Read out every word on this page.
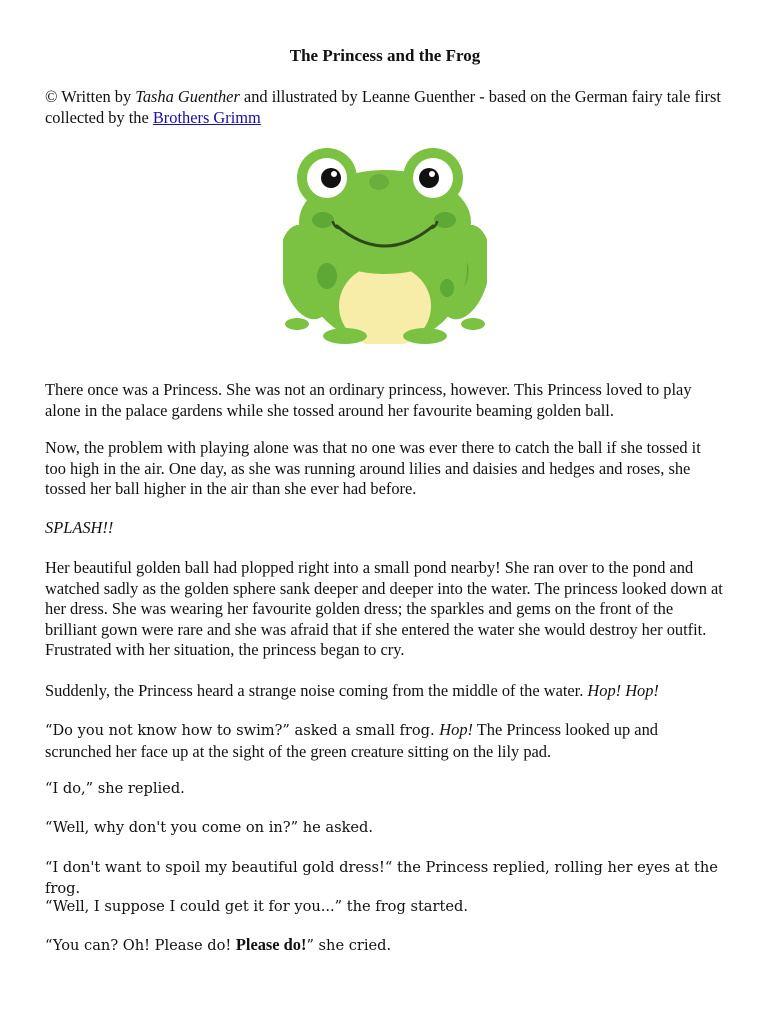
The Princess and the Frog

© Written by Tasha Guenther and illustrated by Leanne Guenther - based on the German fairy tale first collected by the Brothers Grimm

There once was a Princess. She was not an ordinary princess, however. This Princess loved to play alone in the palace gardens while she tossed around her favourite beaming golden ball.

Now, the problem with playing alone was that no one was ever there to catch the ball if she tossed it too high in the air. One day, as she was running around lilies and daisies and hedges and roses, she tossed her ball higher in the air than she ever had before.

SPLASH!!

Her beautiful golden ball had plopped right into a small pond nearby! She ran over to the pond and watched sadly as the golden sphere sank deeper and deeper into the water. The princess looked down at her dress. She was wearing her favourite golden dress; the sparkles and gems on the front of the brilliant gown were rare and she was afraid that if she entered the water she would destroy her outfit. Frustrated with her situation, the princess began to cry.

Suddenly, the Princess heard a strange noise coming from the middle of the water. Hop! Hop!

“Do you not know how to swim?” asked a small frog. Hop! The Princess looked up and scrunched her face up at the sight of the green creature sitting on the lily pad.

“I do,” she replied.

“Well, why don't you come on in?” he asked.

“I don't want to spoil my beautiful gold dress!“ the Princess replied, rolling her eyes at the frog.

“Well, I suppose I could get it for you...” the frog started.

“You can? Oh! Please do! Please do!” she cried.
